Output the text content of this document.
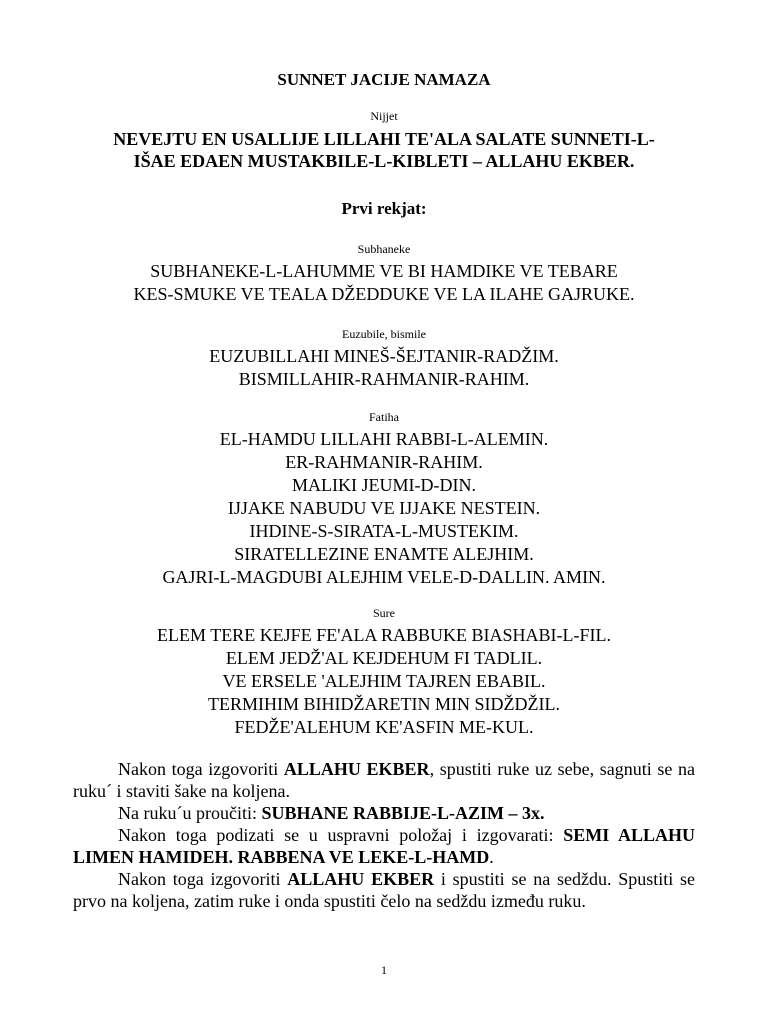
SUNNET JACIJE NAMAZA
Nijjet
NEVEJTU EN USALLIJE LILLAHI TE'ALA SALATE SUNNETI-L-
IŠAE EDAEN MUSTAKBILE-L-KIBLETI – ALLAHU EKBER.
Prvi rekjat:
Subhaneke
SUBHANEKE-L-LAHUMME VE BI HAMDIKE VE TEBARE
KES-SMUKE VE TEALA DŽEDDUKE VE LA ILAHE GAJRUKE.
Euzubile, bismile
EUZUBILLAHI MINEŠ-ŠEJTANIR-RADŽIM.
BISMILLAHIR-RAHMANIR-RAHIM.
Fatiha
EL-HAMDU LILLAHI RABBI-L-ALEMIN.
ER-RAHMANIR-RAHIM.
MALIKI JEUMI-D-DIN.
IJJAKE NABUDU VE IJJAKE NESTEIN.
IHDINE-S-SIRATA-L-MUSTEKIM.
SIRATELLEZINE ENAMTE ALEJHIM.
GAJRI-L-MAGDUBI ALEJHIM VELE-D-DALLIN. AMIN.
Sure
ELEM TERE KEJFE FE'ALA RABBUKE BIASHABI-L-FIL.
ELEM JEDŽ'AL KEJDEHUM FI TADLIL.
VE ERSELE 'ALEJHIM TAJREN EBABIL.
TERMIHIM BIHIDŽARETIN MIN SIDŽDŽIL.
FEDŽE'ALEHUM KE'ASFIN ME-KUL.
Nakon toga izgovoriti ALLAHU EKBER, spustiti ruke uz sebe, sagnuti se na ruku´ i staviti šake na koljena.
Na ruku´u proučiti: SUBHANE RABBIJE-L-AZIM – 3x.
Nakon toga podizati se u uspravni položaj i izgovarati: SEMI ALLAHU LIMEN HAMIDEH. RABBENA VE LEKE-L-HAMD.
Nakon toga izgovoriti ALLAHU EKBER i spustiti se na sedždu. Spustiti se prvo na koljena, zatim ruke i onda spustiti čelo na sedždu između ruku.
1
